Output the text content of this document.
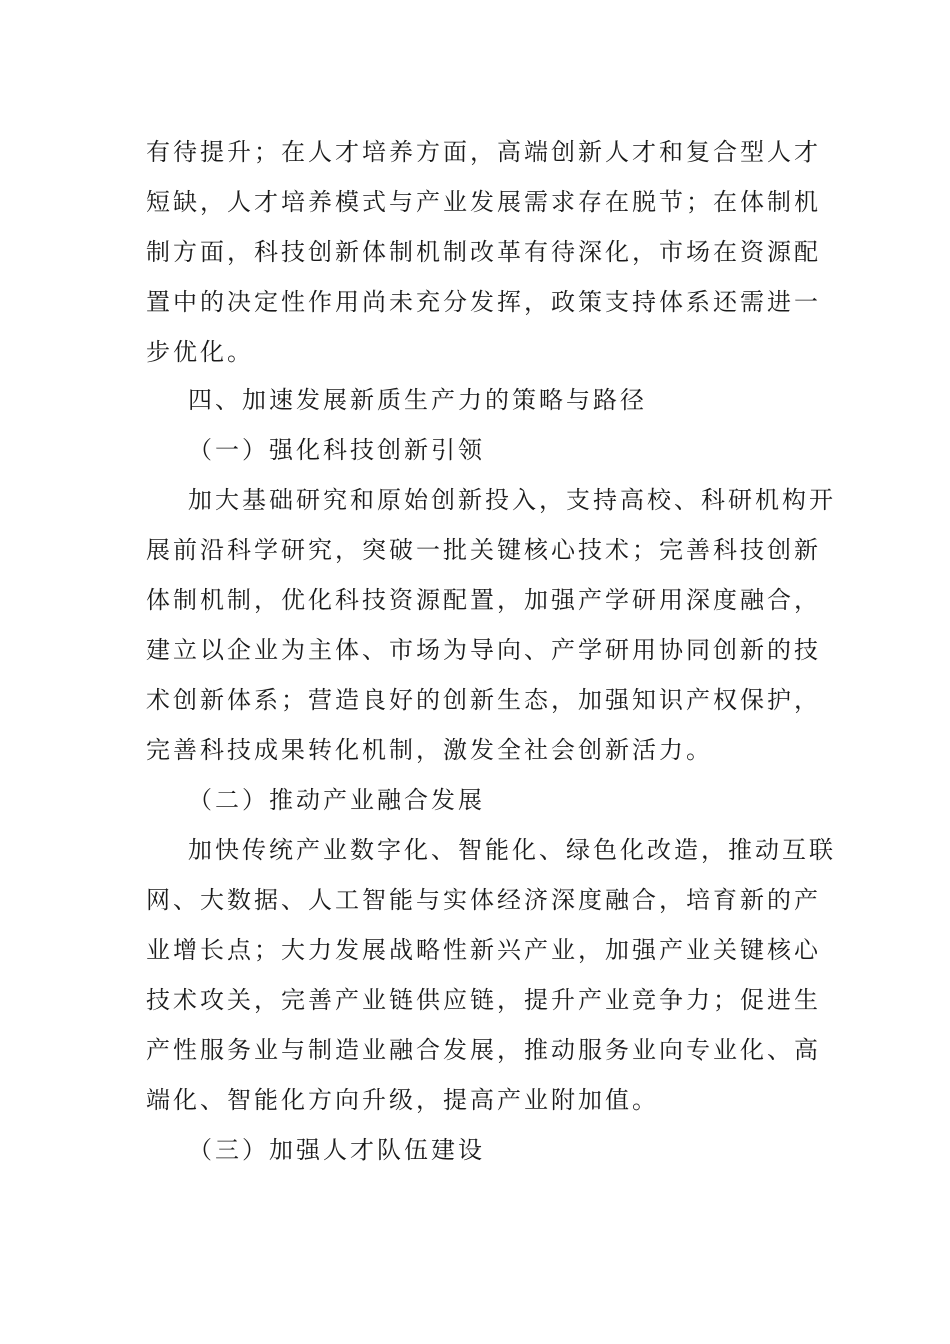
有待提升；在人才培养方面，高端创新人才和复合型人才
短缺，人才培养模式与产业发展需求存在脱节；在体制机
制方面，科技创新体制机制改革有待深化，市场在资源配
置中的决定性作用尚未充分发挥，政策支持体系还需进一
步优化。
四、加速发展新质生产力的策略与路径
（一）强化科技创新引领
加大基础研究和原始创新投入，支持高校、科研机构开
展前沿科学研究，突破一批关键核心技术；完善科技创新
体制机制，优化科技资源配置，加强产学研用深度融合，
建立以企业为主体、市场为导向、产学研用协同创新的技
术创新体系；营造良好的创新生态，加强知识产权保护，
完善科技成果转化机制，激发全社会创新活力。
（二）推动产业融合发展
加快传统产业数字化、智能化、绿色化改造，推动互联
网、大数据、人工智能与实体经济深度融合，培育新的产
业增长点；大力发展战略性新兴产业，加强产业关键核心
技术攻关，完善产业链供应链，提升产业竞争力；促进生
产性服务业与制造业融合发展，推动服务业向专业化、高
端化、智能化方向升级，提高产业附加值。
（三）加强人才队伍建设
